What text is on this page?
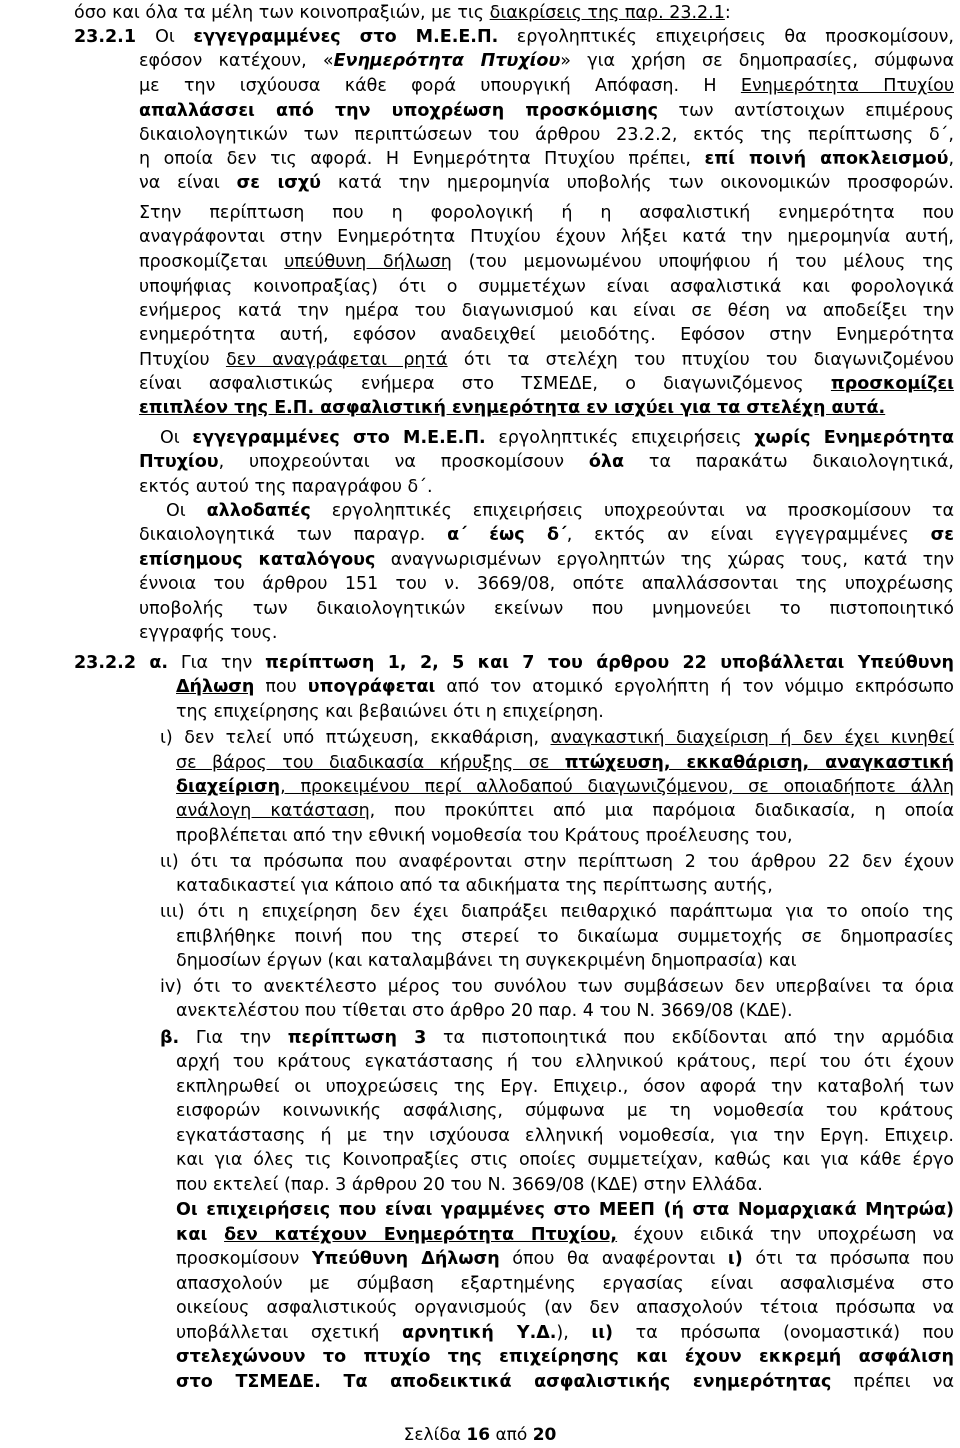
όσο και όλα τα μέλη των κοινοπραξιών, με τις διακρίσεις της παρ. 23.2.1:
23.2.1 Οι εγγεγραμμένες στο Μ.Ε.Ε.Π. εργοληπτικές επιχειρήσεις θα προσκομίσουν,
εφόσον κατέχουν, «Ενημερότητα Πτυχίου» για χρήση σε δημοπρασίες, σύμφωνα
με την ισχύουσα κάθε φορά υπουργική Απόφαση. Η Ενημερότητα Πτυχίου
απαλλάσσει από την υποχρέωση προσκόμισης των αντίστοιχων επιμέρους
δικαιολογητικών των περιπτώσεων του άρθρου 23.2.2, εκτός της περίπτωσης δ΄,
η οποία δεν τις αφορά. Η Ενημερότητα Πτυχίου πρέπει, επί ποινή αποκλεισμού,
να είναι σε ισχύ κατά την ημερομηνία υποβολής των οικονομικών προσφορών.
Στην περίπτωση που η φορολογική ή η ασφαλιστική ενημερότητα που
αναγράφονται στην Ενημερότητα Πτυχίου έχουν λήξει κατά την ημερομηνία αυτή,
προσκομίζεται υπεύθυνη δήλωση (του μεμονωμένου υποψήφιου ή του μέλους της
υποψήφιας κοινοπραξίας) ότι ο συμμετέχων είναι ασφαλιστικά και φορολογικά
ενήμερος κατά την ημέρα του διαγωνισμού και είναι σε θέση να αποδείξει την
ενημερότητα αυτή, εφόσον αναδειχθεί μειοδότης. Εφόσον στην Ενημερότητα
Πτυχίου δεν αναγράφεται ρητά ότι τα στελέχη του πτυχίου του διαγωνιζομένου
είναι ασφαλιστικώς ενήμερα στο ΤΣΜΕΔΕ, ο διαγωνιζόμενος προσκομίζει
επιπλέον της Ε.Π. ασφαλιστική ενημερότητα εν ισχύει για τα στελέχη αυτά.
Οι εγγεγραμμένες στο Μ.Ε.Ε.Π. εργοληπτικές επιχειρήσεις χωρίς Ενημερότητα
Πτυχίου, υποχρεούνται να προσκομίσουν όλα τα παρακάτω δικαιολογητικά,
εκτός αυτού της παραγράφου δ΄.
Οι αλλοδαπές εργοληπτικές επιχειρήσεις υποχρεούνται να προσκομίσουν τα
δικαιολογητικά των παραγρ. α΄ έως δ΄, εκτός αν είναι εγγεγραμμένες σε
επίσημους καταλόγους αναγνωρισμένων εργοληπτών της χώρας τους, κατά την
έννοια του άρθρου 151 του ν. 3669/08, οπότε απαλλάσσονται της υποχρέωσης
υποβολής των δικαιολογητικών εκείνων που μνημονεύει το πιστοποιητικό
εγγραφής τους.
23.2.2 α. Για την περίπτωση 1, 2, 5 και 7 του άρθρου 22 υποβάλλεται Υπεύθυνη
Δήλωση που υπογράφεται από τον ατομικό εργολήπτη ή τον νόμιμο εκπρόσωπο
της επιχείρησης και βεβαιώνει ότι η επιχείρηση.
ι) δεν τελεί υπό πτώχευση, εκκαθάριση, αναγκαστική διαχείριση ή δεν έχει κινηθεί
σε βάρος του διαδικασία κήρυξης σε πτώχευση, εκκαθάριση, αναγκαστική
διαχείριση, προκειμένου περί αλλοδαπού διαγωνιζόμενου, σε οποιαδήποτε άλλη
ανάλογη κατάσταση, που προκύπτει από μια παρόμοια διαδικασία, η οποία
προβλέπεται από την εθνική νομοθεσία του Κράτους προέλευσης του,
ιι) ότι τα πρόσωπα που αναφέρονται στην περίπτωση 2 του άρθρου 22 δεν έχουν
καταδικαστεί για κάποιο από τα αδικήματα της περίπτωσης αυτής,
ιιι) ότι η επιχείρηση δεν έχει διαπράξει πειθαρχικό παράπτωμα για το οποίο της
επιβλήθηκε ποινή που της στερεί το δικαίωμα συμμετοχής σε δημοπρασίες
δημοσίων έργων (και καταλαμβάνει τη συγκεκριμένη δημοπρασία) και
iv) ότι το ανεκτέλεστο μέρος του συνόλου των συμβάσεων δεν υπερβαίνει τα όρια
ανεκτελέστου που τίθεται στο άρθρο 20 παρ. 4 του Ν. 3669/08 (ΚΔΕ).
β. Για την περίπτωση 3 τα πιστοποιητικά που εκδίδονται από την αρμόδια
αρχή του κράτους εγκατάστασης ή του ελληνικού κράτους, περί του ότι έχουν
εκπληρωθεί οι υποχρεώσεις της Εργ. Επιχειρ., όσον αφορά την καταβολή των
εισφορών κοινωνικής ασφάλισης, σύμφωνα με τη νομοθεσία του κράτους
εγκατάστασης ή με την ισχύουσα ελληνική νομοθεσία, για την Εργη. Επιχειρ.
και για όλες τις Κοινοπραξίες στις οποίες συμμετείχαν, καθώς και για κάθε έργο
που εκτελεί (παρ. 3 άρθρου 20 του Ν. 3669/08 (ΚΔΕ) στην Ελλάδα.
Οι επιχειρήσεις που είναι γραμμένες στο ΜΕΕΠ (ή στα Νομαρχιακά Μητρώα)
και δεν κατέχουν Ενημερότητα Πτυχίου, έχουν ειδικά την υποχρέωση να
προσκομίσουν Υπεύθυνη Δήλωση όπου θα αναφέρονται ι) ότι τα πρόσωπα που
απασχολούν με σύμβαση εξαρτημένης εργασίας είναι ασφαλισμένα στο
οικείους ασφαλιστικούς οργανισμούς (αν δεν απασχολούν τέτοια πρόσωπα να
υποβάλλεται σχετική αρνητική Υ.Δ.), ιι) τα πρόσωπα (ονομαστικά) που
στελεχώνουν το πτυχίο της επιχείρησης και έχουν εκκρεμή ασφάλιση
στο ΤΣΜΕΔΕ. Τα αποδεικτικά ασφαλιστικής ενημερότητας πρέπει να
Σελίδα 16 από 20
